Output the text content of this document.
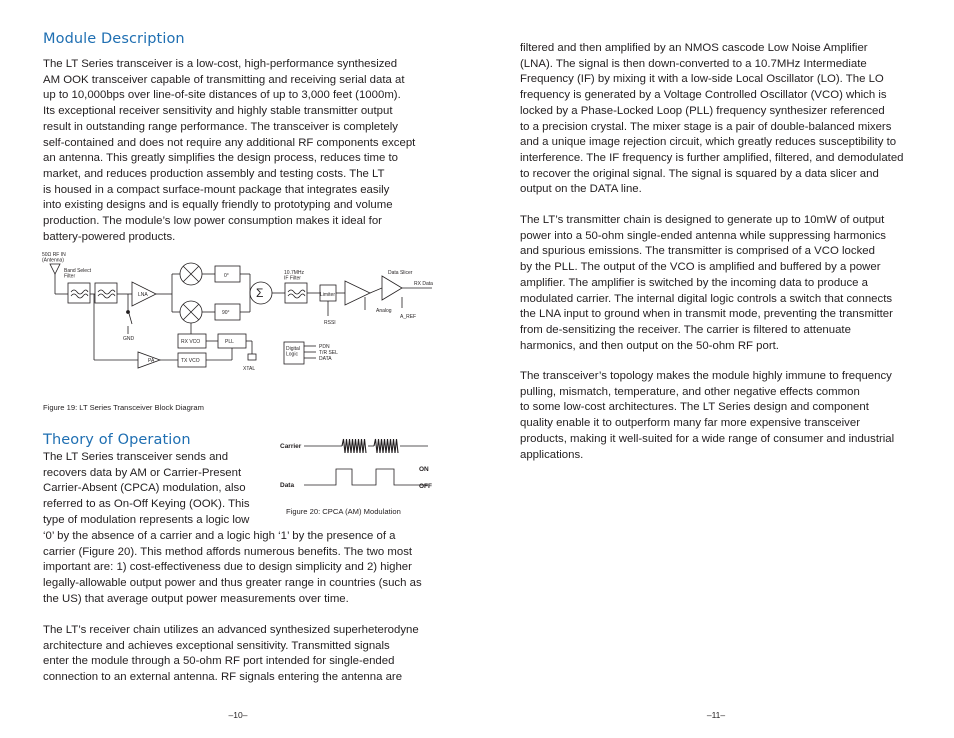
Module Description

The LT Series transceiver is a low-cost, high-performance synthesized
AM OOK transceiver capable of transmitting and receiving serial data at
up to 10,000bps over line-of-site distances of up to 3,000 feet (1000m).
Its exceptional receiver sensitivity and highly stable transmitter output
result in outstanding range performance. The transceiver is completely
self-contained and does not require any additional RF components except
an antenna. This greatly simplifies the design process, reduces time to
market, and reduces production assembly and testing costs. The LT
is housed in a compact surface-mount package that integrates easily
into existing designs and is equally friendly to prototyping and volume
production. The module’s low power consumption makes it ideal for
battery-powered products.

50Ω RF IN (Antenna)
Band Select Filter
LNA
GND
PA
0°
90°
Σ
10.7MHz IF Filter
Limiter
RSSI
Data Slicer
RX Data
Analog
A_REF
RX VCO	PLL
TX VCO
XTAL
Digital Logic
PDN
T/R SEL
DATA
Figure 19: LT Series Transceiver Block Diagram
Theory of Operation

The LT Series transceiver sends and
recovers data by AM or Carrier-Present
Carrier-Absent (CPCA) modulation, also
referred to as On-Off Keying (OOK). This
type of modulation represents a logic low

‘0’ by the absence of a carrier and a logic high ‘1’ by the presence of a
carrier (Figure 20). This method affords numerous benefits. The two most
important are: 1) cost-effectiveness due to design simplicity and 2) higher
legally-allowable output power and thus greater range in countries (such as
the US) that average output power measurements over time.

The LT’s receiver chain utilizes an advanced synthesized superheterodyne
architecture and achieves exceptional sensitivity. Transmitted signals
enter the module through a 50-ohm RF port intended for single-ended
connection to an external antenna. RF signals entering the antenna are

Carrier
Data
ON
OFF
Figure 20: CPCA (AM) Modulation
–10–

filtered and then amplified by an NMOS cascode Low Noise Amplifier
(LNA). The signal is then down-converted to a 10.7MHz Intermediate
Frequency (IF) by mixing it with a low-side Local Oscillator (LO). The LO
frequency is generated by a Voltage Controlled Oscillator (VCO) which is
locked by a Phase-Locked Loop (PLL) frequency synthesizer referenced
to a precision crystal. The mixer stage is a pair of double-balanced mixers
and a unique image rejection circuit, which greatly reduces susceptibility to
interference. The IF frequency is further amplified, filtered, and demodulated
to recover the original signal. The signal is squared by a data slicer and
output on the DATA line.

The LT’s transmitter chain is designed to generate up to 10mW of output
power into a 50-ohm single-ended antenna while suppressing harmonics
and spurious emissions. The transmitter is comprised of a VCO locked
by the PLL. The output of the VCO is amplified and buffered by a power
amplifier. The amplifier is switched by the incoming data to produce a
modulated carrier. The internal digital logic controls a switch that connects
the LNA input to ground when in transmit mode, preventing the transmitter
from de-sensitizing the receiver. The carrier is filtered to attenuate
harmonics, and then output on the 50-ohm RF port.

The transceiver’s topology makes the module highly immune to frequency
pulling, mismatch, temperature, and other negative effects common
to some low-cost architectures. The LT Series design and component
quality enable it to outperform many far more expensive transceiver
products, making it well-suited for a wide range of consumer and industrial
applications.

–11–
